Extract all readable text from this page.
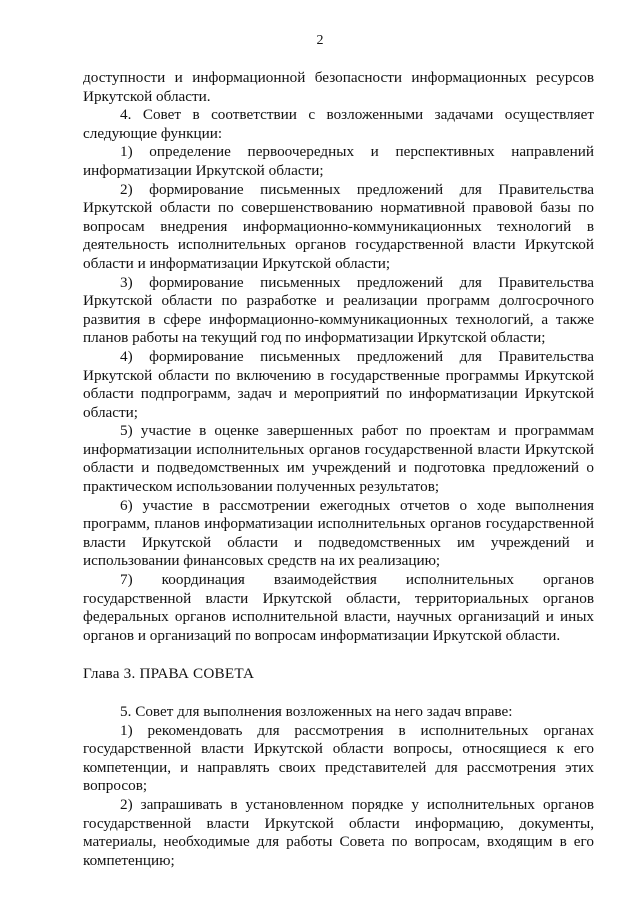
2

доступности и информационной безопасности информационных ресурсов Иркутской области.

4. Совет в соответствии с возложенными задачами осуществляет следующие функции:

1) определение первоочередных и перспективных направлений информатизации Иркутской области;

2) формирование письменных предложений для Правительства Иркутской области по совершенствованию нормативной правовой базы по вопросам внедрения информационно-коммуникационных технологий в деятельность исполнительных органов государственной власти Иркутской области и информатизации Иркутской области;

3) формирование письменных предложений для Правительства Иркутской области по разработке и реализации программ долгосрочного развития в сфере информационно-коммуникационных технологий, а также планов работы на текущий год по информатизации Иркутской области;

4) формирование письменных предложений для Правительства Иркутской области по включению в государственные программы Иркутской области подпрограмм, задач и мероприятий по информатизации Иркутской области;

5) участие в оценке завершенных работ по проектам и программам информатизации исполнительных органов государственной власти Иркутской области и подведомственных им учреждений и подготовка предложений о практическом использовании полученных результатов;

6) участие в рассмотрении ежегодных отчетов о ходе выполнения программ, планов информатизации исполнительных органов государственной власти Иркутской области и подведомственных им учреждений и использовании финансовых средств на их реализацию;

7) координация взаимодействия исполнительных органов государственной власти Иркутской области, территориальных органов федеральных органов исполнительной власти, научных организаций и иных органов и организаций по вопросам информатизации Иркутской области.

Глава 3. ПРАВА СОВЕТА

5. Совет для выполнения возложенных на него задач вправе:

1) рекомендовать для рассмотрения в исполнительных органах государственной власти Иркутской области вопросы, относящиеся к его компетенции, и направлять своих представителей для рассмотрения этих вопросов;

2) запрашивать в установленном порядке у исполнительных органов государственной власти Иркутской области информацию, документы, материалы, необходимые для работы Совета по вопросам, входящим в его компетенцию;
